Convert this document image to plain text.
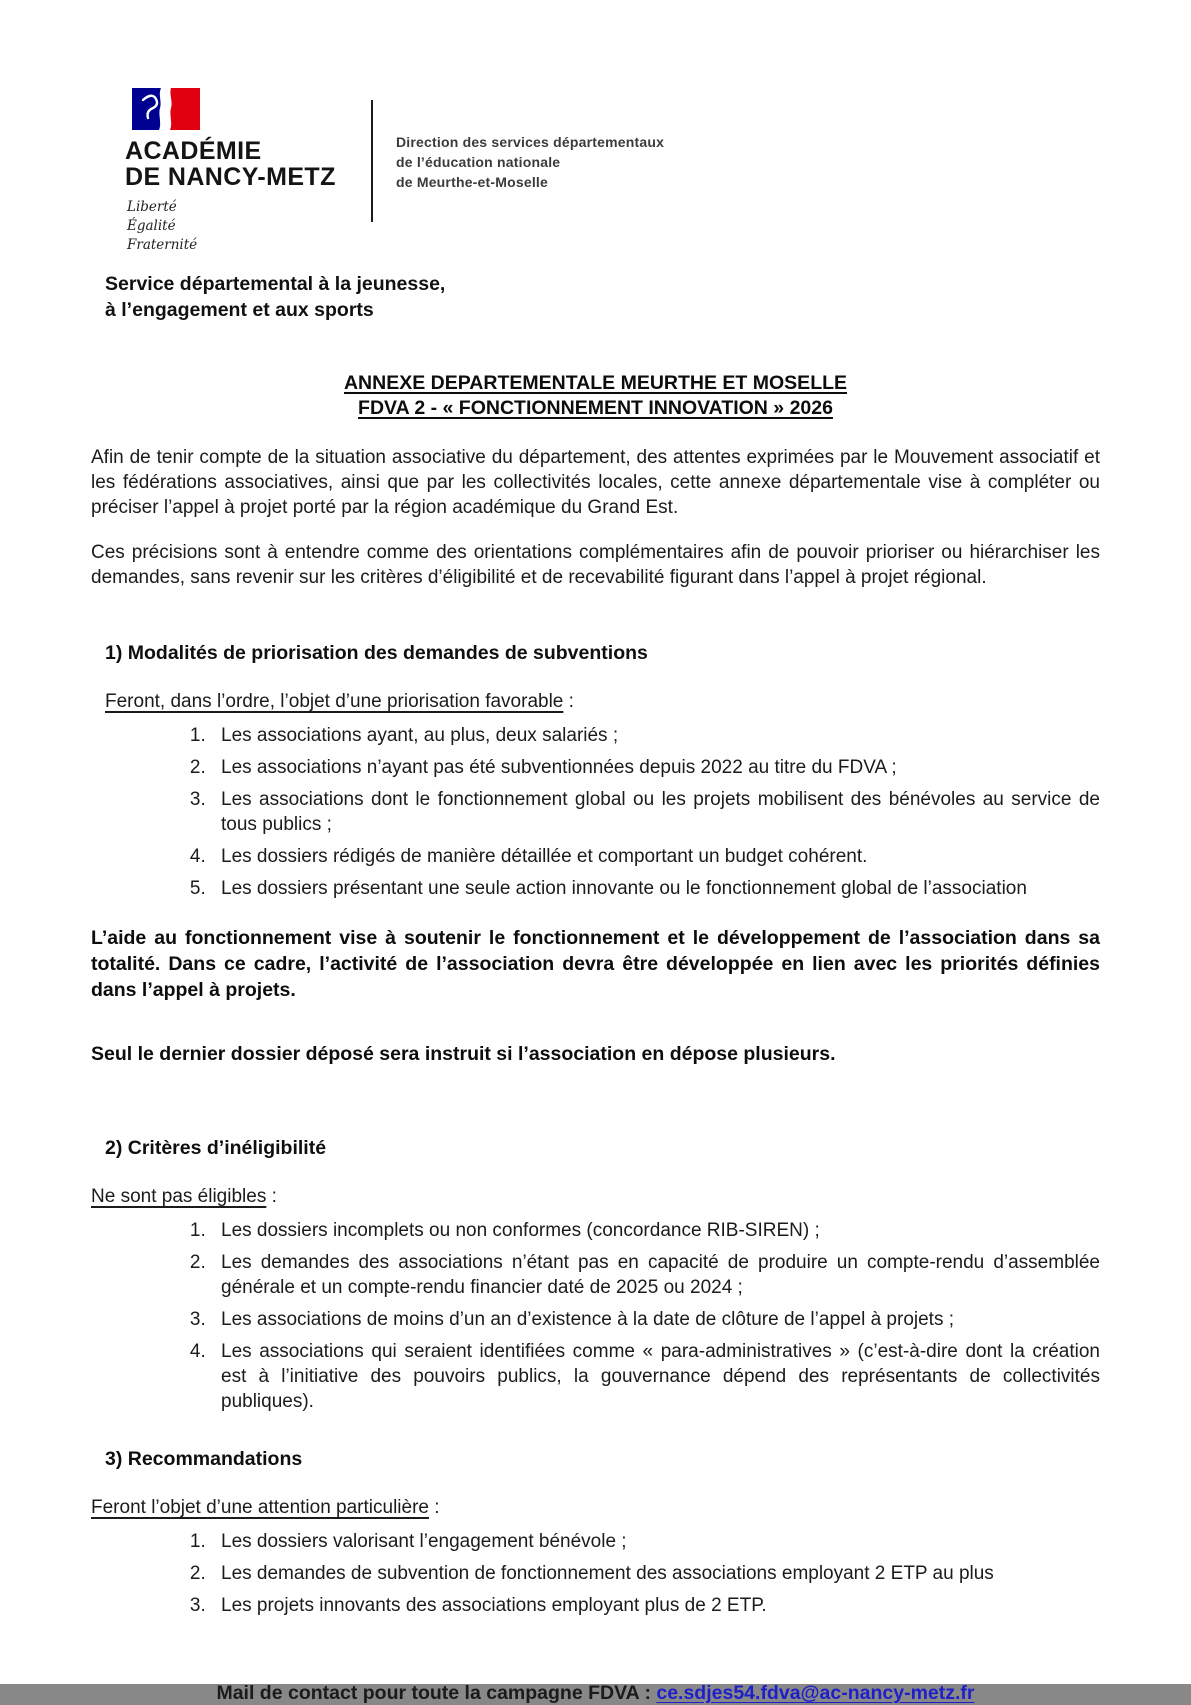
ACADÉMIE
DE NANCY-METZ
Liberté
Égalité
Fraternité
Direction des services départementaux
de l’éducation nationale
de Meurthe-et-Moselle
Service départemental à la jeunesse,
à l’engagement et aux sports
ANNEXE DEPARTEMENTALE MEURTHE ET MOSELLE
FDVA 2 - « FONCTIONNEMENT INNOVATION » 2026

Afin de tenir compte de la situation associative du département, des attentes exprimées par le Mouvement associatif et les fédérations associatives, ainsi que par les collectivités locales, cette annexe départementale vise à compléter ou préciser l’appel à projet porté par la région académique du Grand Est.

Ces précisions sont à entendre comme des orientations complémentaires afin de pouvoir prioriser ou hiérarchiser les demandes, sans revenir sur les critères d’éligibilité et de recevabilité figurant dans l’appel à projet régional.

1) Modalités de priorisation des demandes de subventions
Feront, dans l’ordre, l’objet d’une priorisation favorable :
1. Les associations ayant, au plus, deux salariés ;
2. Les associations n’ayant pas été subventionnées depuis 2022 au titre du FDVA ;
3. Les associations dont le fonctionnement global ou les projets mobilisent des bénévoles au service de tous publics ;
4. Les dossiers rédigés de manière détaillée et comportant un budget cohérent.
5. Les dossiers présentant une seule action innovante ou le fonctionnement global de l’association

L’aide au fonctionnement vise à soutenir le fonctionnement et le développement de l’association dans sa totalité. Dans ce cadre, l’activité de l’association devra être développée en lien avec les priorités définies dans l’appel à projets.

Seul le dernier dossier déposé sera instruit si l’association en dépose plusieurs.

2) Critères d’inéligibilité
Ne sont pas éligibles :
1. Les dossiers incomplets ou non conformes (concordance RIB-SIREN) ;
2. Les demandes des associations n’étant pas en capacité de produire un compte-rendu d’assemblée générale et un compte-rendu financier daté de 2025 ou 2024 ;
3. Les associations de moins d’un an d’existence à la date de clôture de l’appel à projets ;
4. Les associations qui seraient identifiées comme « para-administratives » (c’est-à-dire dont la création est à l’initiative des pouvoirs publics, la gouvernance dépend des représentants de collectivités publiques).
3) Recommandations
Feront l’objet d’une attention particulière :
1. Les dossiers valorisant l’engagement bénévole ;
2. Les demandes de subvention de fonctionnement des associations employant 2 ETP au plus
3. Les projets innovants des associations employant plus de 2 ETP.
Mail de contact pour toute la campagne FDVA : ce.sdjes54.fdva@ac-nancy-metz.fr
